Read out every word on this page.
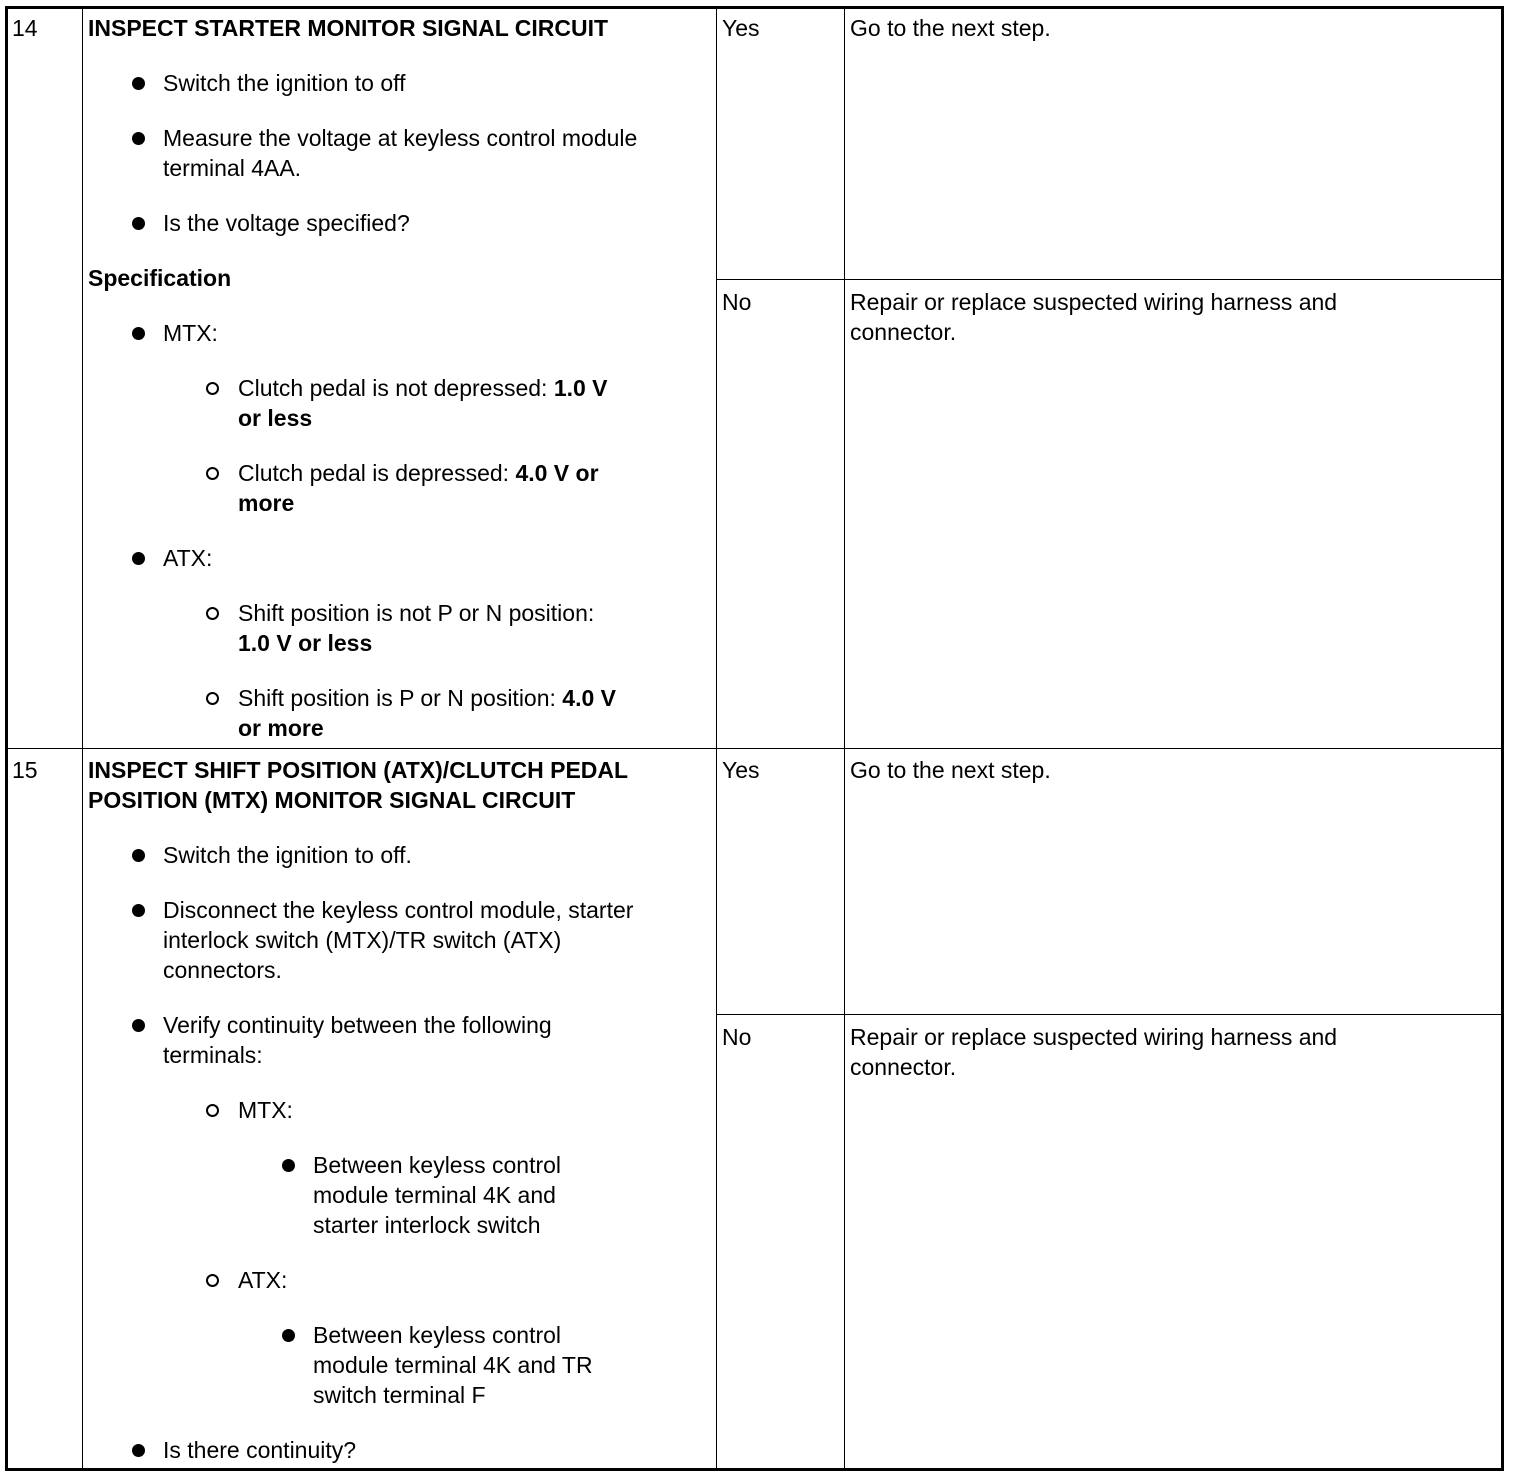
14 INSPECT STARTER MONITOR SIGNAL CIRCUIT
Switch the ignition to off
Measure the voltage at keyless control module
terminal 4AA.
Is the voltage specified?
Specification
MTX:
Clutch pedal is not depressed: 1.0 V
or less
Clutch pedal is depressed: 4.0 V or
more
ATX:
Shift position is not P or N position:
1.0 V or less
Shift position is P or N position: 4.0 V
or more
Yes	Go to the next step.
No	Repair or replace suspected wiring harness and
connector.
15 INSPECT SHIFT POSITION (ATX)/CLUTCH PEDAL
POSITION (MTX) MONITOR SIGNAL CIRCUIT
Switch the ignition to off.
Disconnect the keyless control module, starter
interlock switch (MTX)/TR switch (ATX)
connectors.
Verify continuity between the following
terminals:
MTX:
Between keyless control
module terminal 4K and
starter interlock switch
ATX:
Between keyless control
module terminal 4K and TR
switch terminal F
Is there continuity?
Yes	Go to the next step.
No	Repair or replace suspected wiring harness and
connector.
